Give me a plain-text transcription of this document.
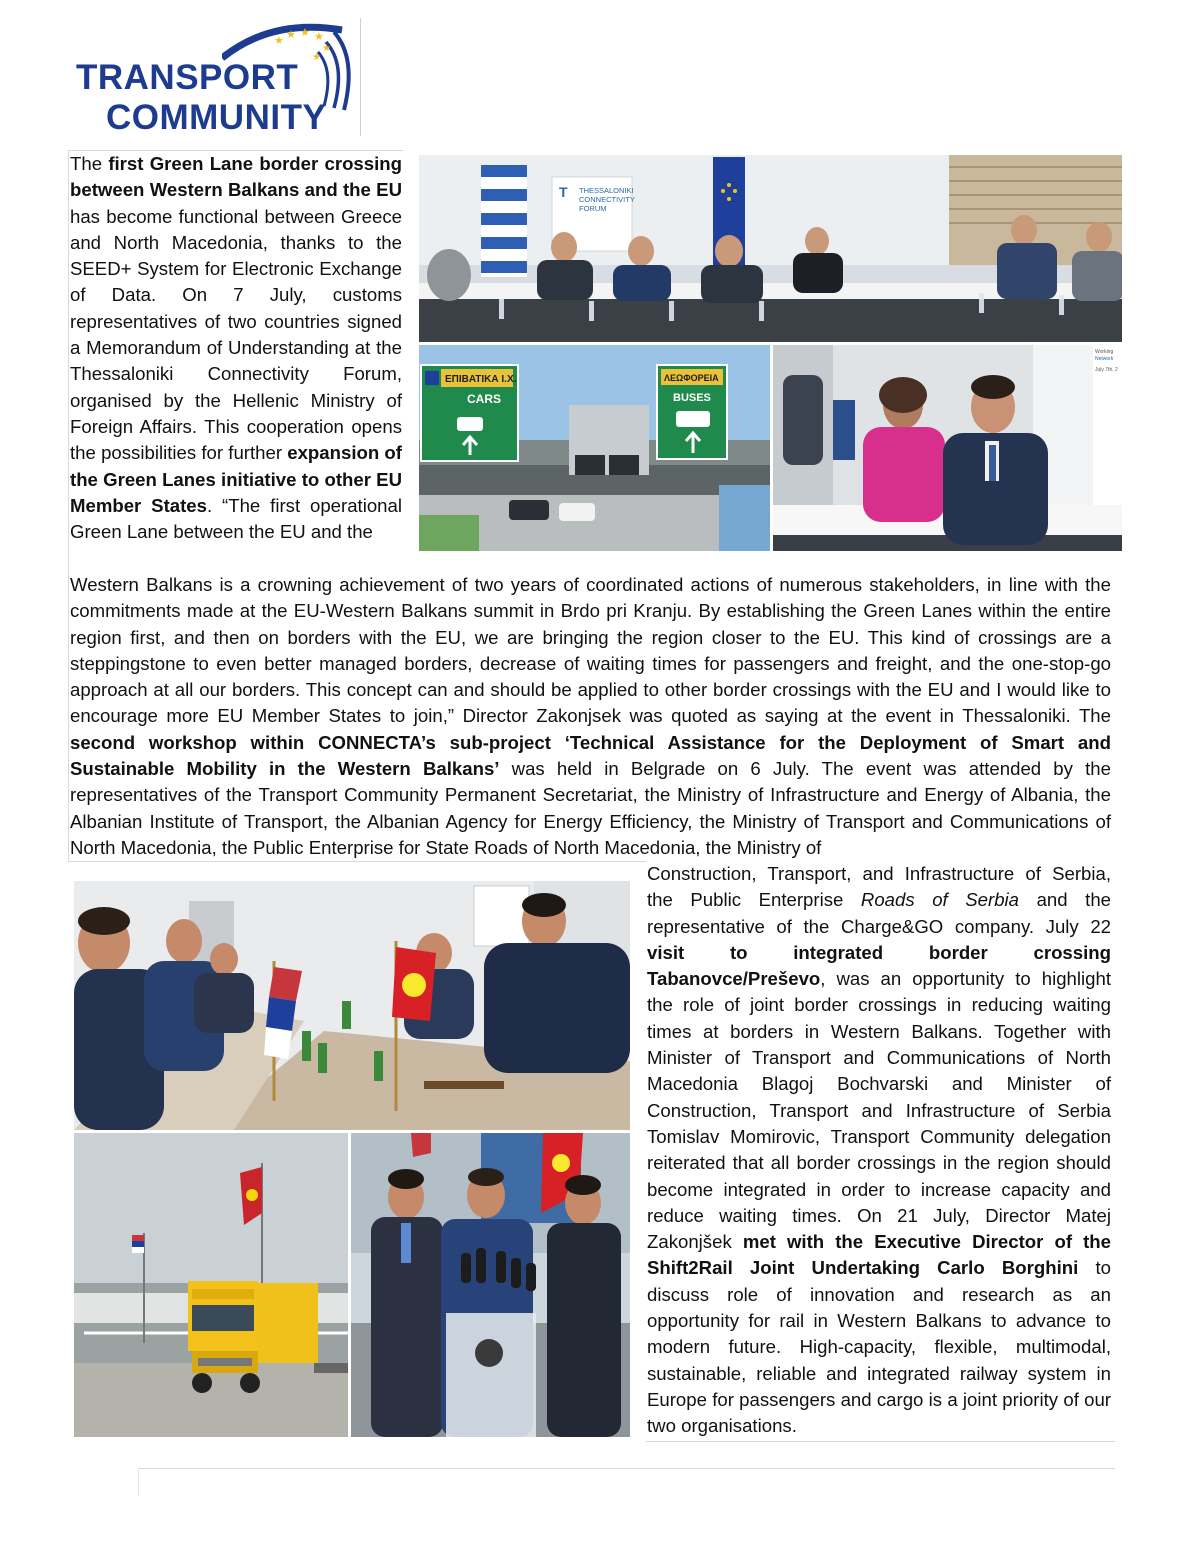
★ ★ ★ ★
★
★
TRANSPORT
COMMUNITY
The first Green Lane border crossing between Western Balkans and the EU has become functional between Greece and North Macedonia, thanks to the SEED+ System for Electronic Exchange of Data. On 7 July, customs representatives of two countries signed a Memorandum of Understanding at the Thessaloniki Connectivity Forum, organised by the Hellenic Ministry of Foreign Affairs. This cooperation opens the possibilities for further expansion of the Green Lanes initiative to other EU Member States. “The first operational Green Lane between the EU and the
Western Balkans is a crowning achievement of two years of coordinated actions of numerous stakeholders, in line with the commitments made at the EU-Western Balkans summit in Brdo pri Kranju. By establishing the Green Lanes within the entire region first, and then on borders with the EU, we are bringing the region closer to the EU. This kind of crossings are a steppingstone to even better managed borders, decrease of waiting times for passengers and freight, and the one-stop-go approach at all our borders. This concept can and should be applied to other border crossings with the EU and I would like to encourage more EU Member States to join,” Director Zakonjsek was quoted as saying at the event in Thessaloniki. The second workshop within CONNECTA’s sub-project ‘Technical Assistance for the Deployment of Smart and Sustainable Mobility in the Western Balkans’ was held in Belgrade on 6 July. The event was attended by the representatives of the Transport Community Permanent Secretariat, the Ministry of Infrastructure and Energy of Albania, the Albanian Institute of Transport, the Albanian Agency for Energy Efficiency, the Ministry of Transport and Communications of North Macedonia, the Public Enterprise for State Roads of North Macedonia, the Ministry of
Construction, Transport, and Infrastructure of Serbia, the Public Enterprise Roads of Serbia and the representative of the Charge&GO company. July 22 visit to integrated border crossing Tabanovce/Preševo, was an opportunity to highlight the role of joint border crossings in reducing waiting times at borders in Western Balkans. Together with Minister of Transport and Communications of North Macedonia Blagoj Bochvarski and Minister of Construction, Transport and Infrastructure of Serbia Tomislav Momirovic, Transport Community delegation reiterated that all border crossings in the region should become integrated in order to increase capacity and reduce waiting times. On 21 July, Director Matej Zakonjšek met with the Executive Director of the Shift2Rail Joint Undertaking Carlo Borghini to discuss role of innovation and research as an opportunity for rail in Western Balkans to advance to modern future. High-capacity, flexible, multimodal, sustainable, reliable and integrated railway system in Europe for passengers and cargo is a joint priority of our two organisations.
T THESSALONIKI
CONNECTIVITY
FORUM
ΕΠΙΒΑΤΙΚΑ Ι.Χ.
CARS
ΛΕΩΦΟΡΕΙΑ
BUSES
Working
Network
July 7th, 2
